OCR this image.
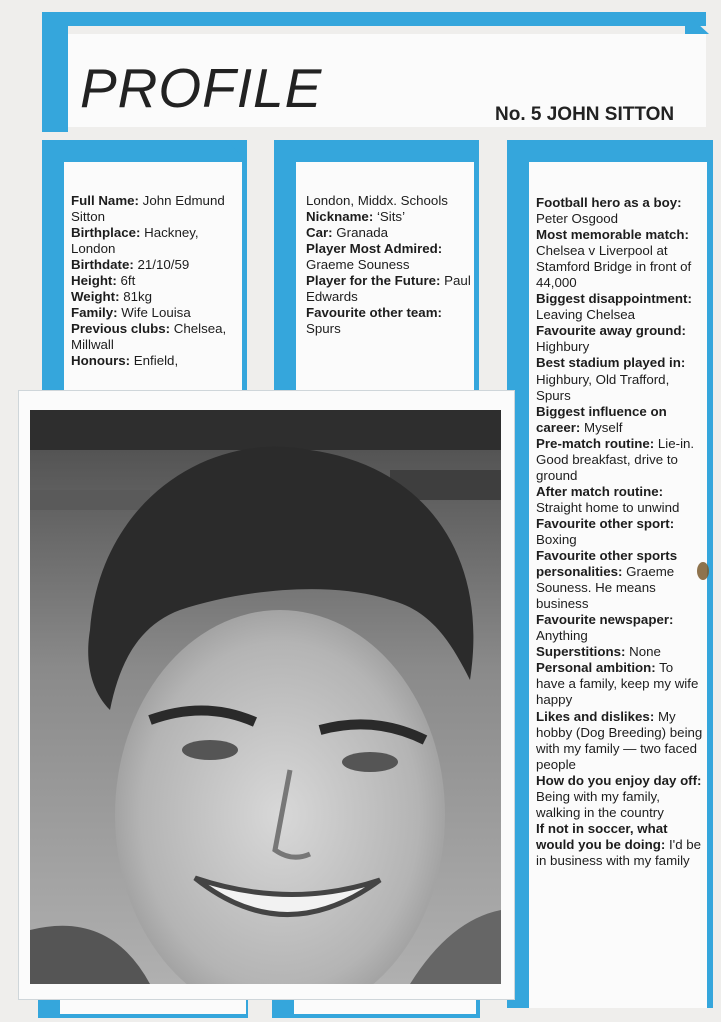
PROFILE	No. 5 JOHN SITTON

Full Name: John Edmund Sitton

Birthplace: Hackney, London

Birthdate: 21/10/59

Height: 6ft

Weight: 81kg

Family: Wife Louisa

Previous clubs: Chelsea, Millwall

Honours: Enfield,

London, Middx. Schools

Nickname: ‘Sits’

Car: Granada

Player Most Admired: Graeme Souness

Player for the Future: Paul Edwards

Favourite other team: Spurs

Football hero as a boy: Peter Osgood

Most memorable match: Chelsea v Liverpool at Stamford Bridge in front of 44,000

Biggest disappointment: Leaving Chelsea

Favourite away ground: Highbury

Best stadium played in: Highbury, Old Trafford, Spurs

Biggest influence on career: Myself

Pre-match routine: Lie-in. Good breakfast, drive to ground

After match routine: Straight home to unwind

Favourite other sport: Boxing

Favourite other sports personalities: Graeme Souness. He means business

Favourite newspaper: Anything

Superstitions: None

Personal ambition: To have a family, keep my wife happy

Likes and dislikes: My hobby (Dog Breeding) being with my family — two faced people

How do you enjoy day off: Being with my family, walking in the country

If not in soccer, what would you be doing: I'd be in business with my family
